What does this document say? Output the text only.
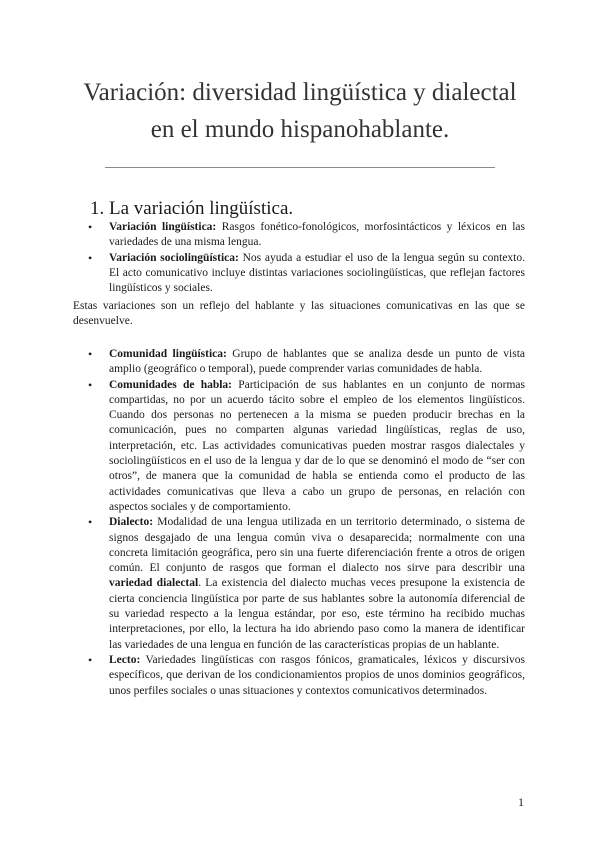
Variación: diversidad lingüística y dialectal
en el mundo hispanohablante.
1. La variación lingüística.
• Variación lingüística: Rasgos fonético-fonológicos, morfosintácticos y léxicos en las variedades de una misma lengua.
• Variación sociolingüística: Nos ayuda a estudiar el uso de la lengua según su contexto. El acto comunicativo incluye distintas variaciones sociolingüísticas, que reflejan factores lingüísticos y sociales.

Estas variaciones son un reflejo del hablante y las situaciones comunicativas en las que se desenvuelve.

• Comunidad lingüística: Grupo de hablantes que se analiza desde un punto de vista amplio (geográfico o temporal), puede comprender varias comunidades de habla.
• Comunidades de habla: Participación de sus hablantes en un conjunto de normas compartidas, no por un acuerdo tácito sobre el empleo de los elementos lingüísticos. Cuando dos personas no pertenecen a la misma se pueden producir brechas en la comunicación, pues no comparten algunas variedad lingüísticas, reglas de uso, interpretación, etc. Las actividades comunicativas pueden mostrar rasgos dialectales y sociolingüísticos en el uso de la lengua y dar de lo que se denominó el modo de “ser con otros”, de manera que la comunidad de habla se entienda como el producto de las actividades comunicativas que lleva a cabo un grupo de personas, en relación con aspectos sociales y de comportamiento.
• Dialecto: Modalidad de una lengua utilizada en un territorio determinado, o sistema de signos desgajado de una lengua común viva o desaparecida; normalmente con una concreta limitación geográfica, pero sin una fuerte diferenciación frente a otros de origen común. El conjunto de rasgos que forman el dialecto nos sirve para describir una variedad dialectal. La existencia del dialecto muchas veces presupone la existencia de cierta conciencia lingüística por parte de sus hablantes sobre la autonomía diferencial de su variedad respecto a la lengua estándar, por eso, este término ha recibido muchas interpretaciones, por ello, la lectura ha ido abriendo paso como la manera de identificar las variedades de una lengua en función de las características propias de un hablante.
• Lecto: Variedades lingüísticas con rasgos fónicos, gramaticales, léxicos y discursivos específicos, que derivan de los condicionamientos propios de unos dominios geográficos, unos perfiles sociales o unas situaciones y contextos comunicativos determinados.
1
